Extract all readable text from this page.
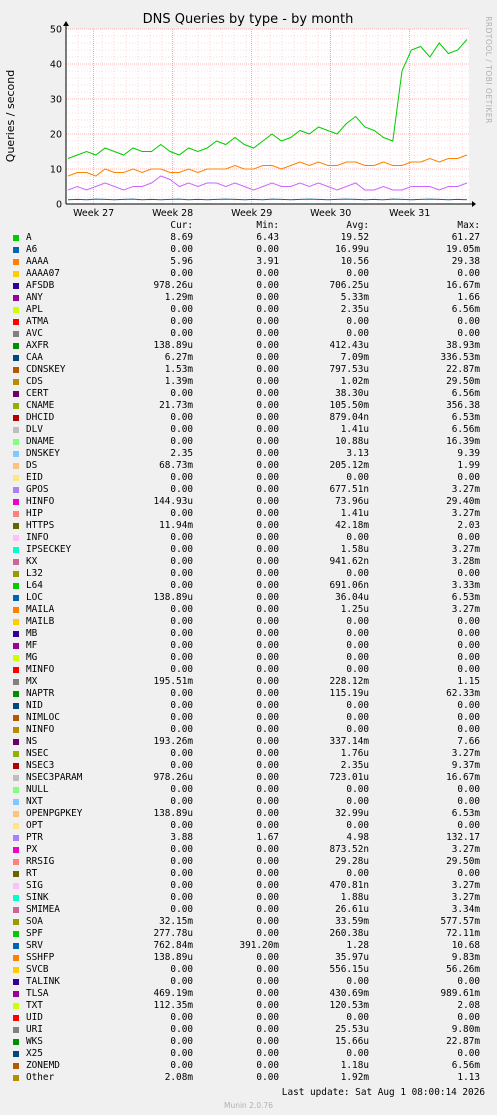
DNS Queries by type - by month
Queries / second	RRDTOOL / TOBI OETIKER
0
10
20
30
40
50
Week 27	Week 28	Week 29	Week 30	Week 31
Cur:	Min:	Avg:	Max:
A	8.69	6.43	19.52	61.27
A6	0.00	0.00	16.99u	19.05m
AAAA	5.96	3.91	10.56	29.38
AAAA07	0.00	0.00	0.00	0.00
AFSDB	978.26u	0.00	706.25u	16.67m
ANY	1.29m	0.00	5.33m	1.66
APL	0.00	0.00	2.35u	6.56m
ATMA	0.00	0.00	0.00	0.00
AVC	0.00	0.00	0.00	0.00
AXFR	138.89u	0.00	412.43u	38.93m
CAA	6.27m	0.00	7.09m	336.53m
CDNSKEY	1.53m	0.00	797.53u	22.87m
CDS	1.39m	0.00	1.02m	29.50m
CERT	0.00	0.00	38.30u	6.56m
CNAME	21.73m	0.00	105.50m	356.38
DHCID	0.00	0.00	879.04n	6.53m
DLV	0.00	0.00	1.41u	6.56m
DNAME	0.00	0.00	10.88u	16.39m
DNSKEY	2.35	0.00	3.13	9.39
DS	68.73m	0.00	205.12m	1.99
EID	0.00	0.00	0.00	0.00
GPOS	0.00	0.00	677.51n	3.27m
HINFO	144.93u	0.00	73.96u	29.40m
HIP	0.00	0.00	1.41u	3.27m
HTTPS	11.94m	0.00	42.18m	2.03
INFO	0.00	0.00	0.00	0.00
IPSECKEY	0.00	0.00	1.58u	3.27m
KX	0.00	0.00	941.62n	3.28m
L32	0.00	0.00	0.00	0.00
L64	0.00	0.00	691.06n	3.33m
LOC	138.89u	0.00	36.04u	6.53m
MAILA	0.00	0.00	1.25u	3.27m
MAILB	0.00	0.00	0.00	0.00
MB	0.00	0.00	0.00	0.00
MF	0.00	0.00	0.00	0.00
MG	0.00	0.00	0.00	0.00
MINFO	0.00	0.00	0.00	0.00
MX	195.51m	0.00	228.12m	1.15
NAPTR	0.00	0.00	115.19u	62.33m
NID	0.00	0.00	0.00	0.00
NIMLOC	0.00	0.00	0.00	0.00
NINFO	0.00	0.00	0.00	0.00
NS	193.26m	0.00	337.14m	7.66
NSEC	0.00	0.00	1.76u	3.27m
NSEC3	0.00	0.00	2.35u	9.37m
NSEC3PARAM	978.26u	0.00	723.01u	16.67m
NULL	0.00	0.00	0.00	0.00
NXT	0.00	0.00	0.00	0.00
OPENPGPKEY	138.89u	0.00	32.99u	6.53m
OPT	0.00	0.00	0.00	0.00
PTR	3.88	1.67	4.98	132.17
PX	0.00	0.00	873.52n	3.27m
RRSIG	0.00	0.00	29.28u	29.50m
RT	0.00	0.00	0.00	0.00
SIG	0.00	0.00	470.81n	3.27m
SINK	0.00	0.00	1.88u	3.27m
SMIMEA	0.00	0.00	26.61u	3.34m
SOA	32.15m	0.00	33.59m	577.57m
SPF	277.78u	0.00	260.38u	72.11m
SRV	762.84m	391.20m	1.28	10.68
SSHFP	138.89u	0.00	35.97u	9.83m
SVCB	0.00	0.00	556.15u	56.26m
TALINK	0.00	0.00	0.00	0.00
TLSA	469.19m	0.00	430.69m	989.61m
TXT	112.35m	0.00	120.53m	2.08
UID	0.00	0.00	0.00	0.00
URI	0.00	0.00	25.53u	9.80m
WKS	0.00	0.00	15.66u	22.87m
X25	0.00	0.00	0.00	0.00
ZONEMD	0.00	0.00	1.18u	6.56m
Other	2.08m	0.00	1.92m	1.13
Last update: Sat Aug 1 08:00:14 2026
Munin 2.0.76
